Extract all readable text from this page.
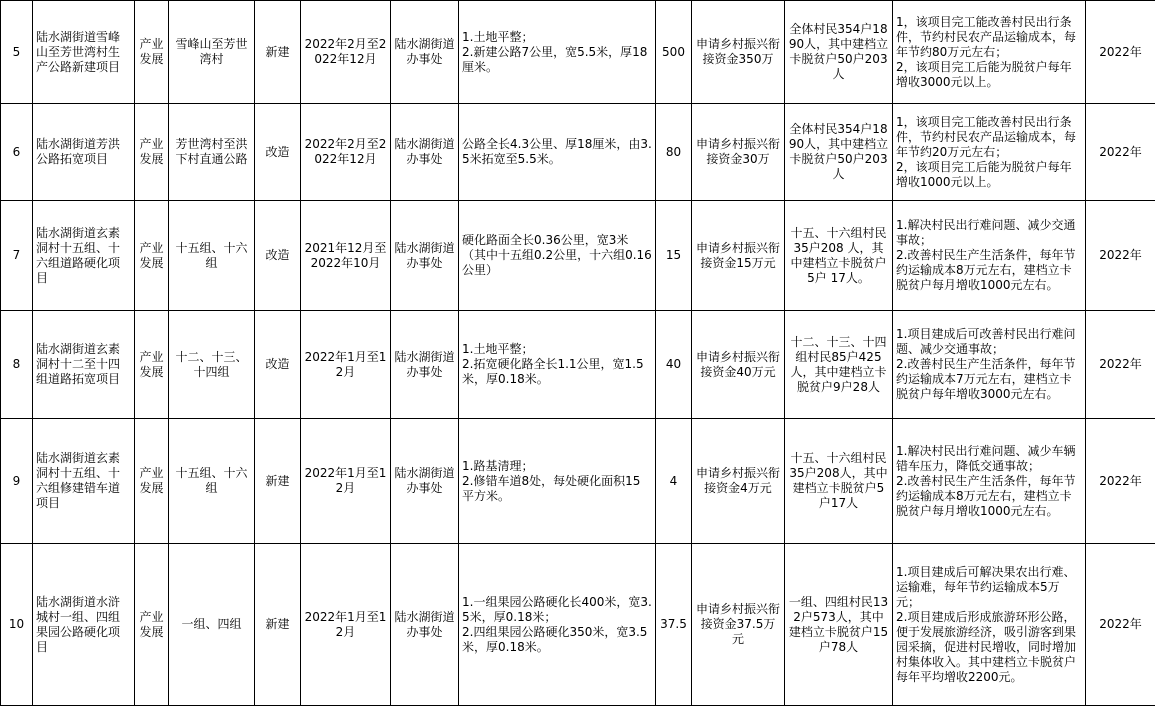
5	陆水湖街道雪峰山至芳世湾村生产公路新建项目	产业发展	雪峰山至芳世湾村	新建	2022年2月至2022年12月	陆水湖街道办事处	1.土地平整；
2.新建公路7公里，宽5.5米，厚18厘米。	500	申请乡村振兴衔接资金350万	全体村民354户1890人，其中建档立卡脱贫户50户203人	1，该项目完工能改善村民出行条件，节约村民农产品运输成本，每年节约80万元左右；
2，该项目完工后能为脱贫户每年增收3000元以上。	2022年
6	陆水湖街道芳洪公路拓宽项目	产业发展	芳世湾村至洪下村直通公路	改造	2022年2月至2022年12月	陆水湖街道办事处	公路全长4.3公里、厚18厘米，由3.5米拓宽至5.5米。	80	申请乡村振兴衔接资金30万	全体村民354户1890人，其中建档立卡脱贫户50户203人	1，该项目完工能改善村民出行条件，节约村民农产品运输成本，每年节约20万元左右；
2，该项目完工后能为脱贫户每年增收1000元以上。	2022年
7	陆水湖街道玄素洞村十五组、十六组道路硬化项目	产业发展	十五组、十六组	改造	2021年12月至2022年10月	陆水湖街道办事处	硬化路面全长0.36公里，宽3米（其中十五组0.2公里，十六组0.16公里）	15	申请乡村振兴衔接资金15万元	十五、十六组村民35户208 人，其中建档立卡脱贫户5户 17人。	1.解决村民出行难问题、减少交通事故；
2.改善村民生产生活条件，每年节约运输成本8万元左右，建档立卡脱贫户每月增收1000元左右。	2022年
8	陆水湖街道玄素洞村十二至十四组道路拓宽项目	产业发展	十二、十三、十四组	改造	2022年1月至12月	陆水湖街道办事处	1.土地平整；
2.拓宽硬化路全长1.1公里，宽1.5米，厚0.18米。	40	申请乡村振兴衔接资金40万元	十二、十三、十四组村民85户425人，其中建档立卡脱贫户9户28人	1.项目建成后可改善村民出行难问题、减少交通事故；
2.改善村民生产生活条件，每年节约运输成本7万元左右，建档立卡脱贫户每年增收3000元左右。	2022年
9	陆水湖街道玄素洞村十五组、十六组修建错车道项目	产业发展	十五组、十六组	新建	2022年1月至12月	陆水湖街道办事处	1.路基清理；
2.修错车道8处，每处硬化面积15平方米。	4	申请乡村振兴衔接资金4万元	十五、十六组村民35户208人，其中建档立卡脱贫户5户17人	1.解决村民出行难问题、减少车辆错车压力，降低交通事故；
2.改善村民生产生活条件，每年节约运输成本8万元左右，建档立卡脱贫户每月增收1000元左右。	2022年
10	陆水湖街道水浒城村一组、四组果园公路硬化项目	产业发展	一组、四组	新建	2022年1月至12月	陆水湖街道办事处	1.一组果园公路硬化长400米，宽3.5米，厚0.18米；
2.四组果园公路硬化350米，宽3.5米，厚0.18米。	37.5	申请乡村振兴衔接资金37.5万元	一组、四组村民132户573人，其中建档立卡脱贫户15户78人	1.项目建成后可解决果农出行难、运输难，每年节约运输成本5万元；
2.项目建成后形成旅游环形公路，便于发展旅游经济，吸引游客到果园采摘，促进村民增收，同时增加村集体收入。其中建档立卡脱贫户每年平均增收2200元。	2022年
